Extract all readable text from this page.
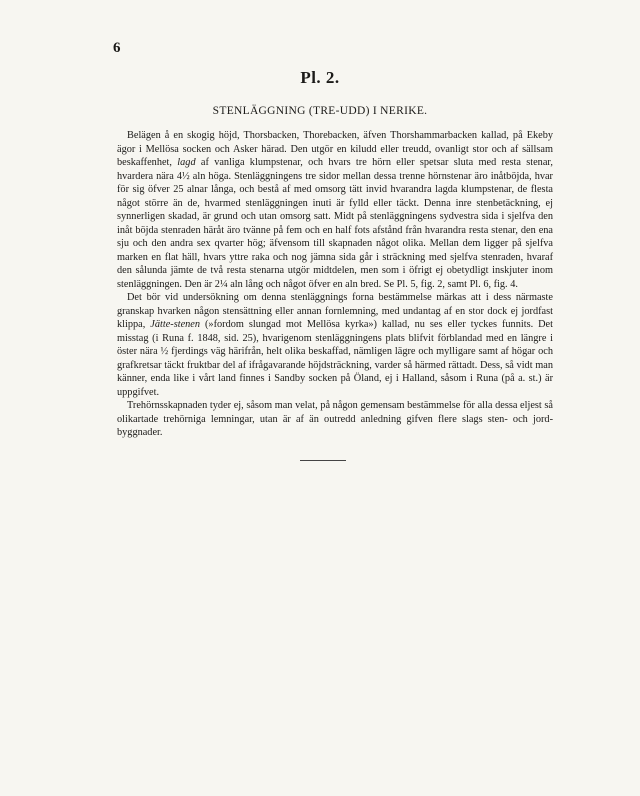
6
Pl. 2.
STENLÄGGNING (TRE-UDD) I NERIKE.

Belägen å en skogig höjd, Thorsbacken, Thorebacken, äfven Thorshammarbacken kallad, på Ekeby ägor i Mellösa socken och Asker härad. Den utgör en kiludd eller treudd, ovanligt stor och af sällsam beskaffenhet, lagd af vanliga klumpstenar, och hvars tre hörn eller spetsar sluta med resta stenar, hvardera nära 4½ aln höga. Stenläggningens tre sidor mellan dessa trenne hörnstenar äro inåtböjda, hvar för sig öfver 25 alnar långa, och bestå af med omsorg tätt invid hvarandra lagda klumpstenar, de flesta något större än de, hvarmed stenläggningen inuti är fylld eller täckt. Denna inre stenbetäckning, ej synnerligen skadad, är grund och utan omsorg satt. Midt på stenläggningens sydvestra sida i sjelfva den inåt böjda stenraden häråt äro tvänne på fem och en half fots afstånd från hvarandra resta stenar, den ena sju och den andra sex qvarter hög; äfvensom till skapnaden något olika. Mellan dem ligger på sjelfva marken en flat häll, hvars yttre raka och nog jämna sida går i sträckning med sjelfva stenraden, hvaraf den sålunda jämte de två resta stenarna utgör midtdelen, men som i öfrigt ej obetydligt inskjuter inom stenläggningen. Den är 2¼ aln lång och något öfver en aln bred. Se Pl. 5, fig. 2, samt Pl. 6, fig. 4.

Det bör vid undersökning om denna stenläggnings forna bestämmelse märkas att i dess närmaste granskap hvarken någon stensättning eller annan fornlemning, med undantag af en stor dock ej jordfast klippa, Jätte-stenen (»fordom slungad mot Mellösa kyrka») kallad, nu ses eller tyckes funnits. Det misstag (i Runa f. 1848, sid. 25), hvarigenom stenläggningens plats blifvit förblandad med en längre i öster nära ½ fjerdings väg härifrån, helt olika beskaffad, nämligen lägre och mylligare samt af högar och grafkretsar täckt fruktbar del af ifrågavarande höjdsträckning, varder så härmed rättadt. Dess, så vidt man känner, enda like i vårt land finnes i Sandby socken på Öland, ej i Halland, såsom i Runa (på a. st.) är uppgifvet.

Trehörnsskapnaden tyder ej, såsom man velat, på någon gemensam bestämmelse för alla dessa eljest så olikartade trehörniga lemningar, utan är af än outredd anledning gifven flere slags sten- och jord-byggnader.
